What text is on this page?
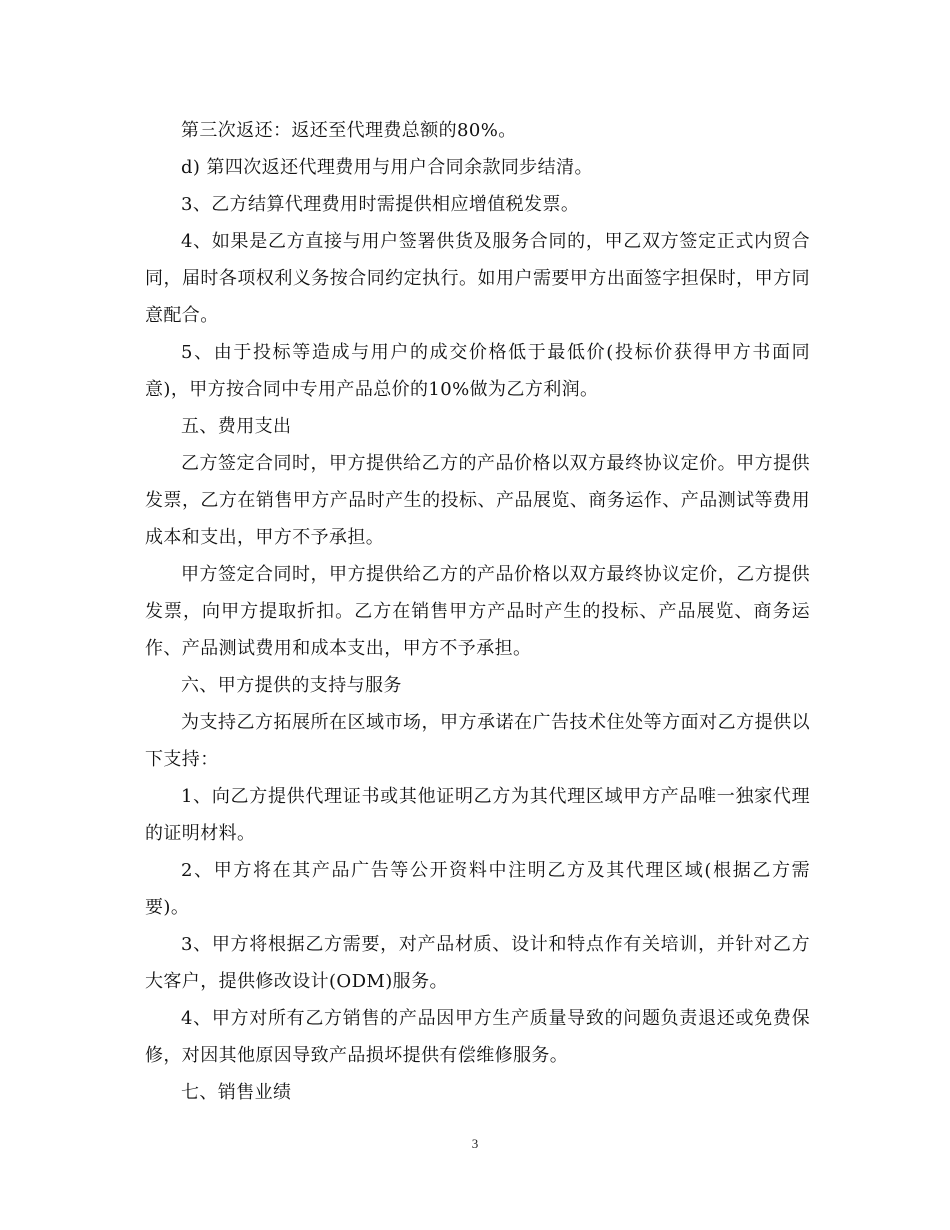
第三次返还：返还至代理费总额的80%。

d) 第四次返还代理费用与用户合同余款同步结清。

3、乙方结算代理费用时需提供相应增值税发票。

4、如果是乙方直接与用户签署供货及服务合同的，甲乙双方签定正式内贸合同，届时各项权利义务按合同约定执行。如用户需要甲方出面签字担保时，甲方同意配合。

5、由于投标等造成与用户的成交价格低于最低价(投标价获得甲方书面同意)，甲方按合同中专用产品总价的10%做为乙方利润。

五、费用支出

乙方签定合同时，甲方提供给乙方的产品价格以双方最终协议定价。甲方提供发票，乙方在销售甲方产品时产生的投标、产品展览、商务运作、产品测试等费用成本和支出，甲方不予承担。

甲方签定合同时，甲方提供给乙方的产品价格以双方最终协议定价，乙方提供发票，向甲方提取折扣。乙方在销售甲方产品时产生的投标、产品展览、商务运作、产品测试费用和成本支出，甲方不予承担。

六、甲方提供的支持与服务

为支持乙方拓展所在区域市场，甲方承诺在广告技术住处等方面对乙方提供以下支持：

1、向乙方提供代理证书或其他证明乙方为其代理区域甲方产品唯一独家代理的证明材料。

2、甲方将在其产品广告等公开资料中注明乙方及其代理区域(根据乙方需要)。

3、甲方将根据乙方需要，对产品材质、设计和特点作有关培训，并针对乙方大客户，提供修改设计(ODM)服务。

4、甲方对所有乙方销售的产品因甲方生产质量导致的问题负责退还或免费保修，对因其他原因导致产品损坏提供有偿维修服务。

七、销售业绩

3
